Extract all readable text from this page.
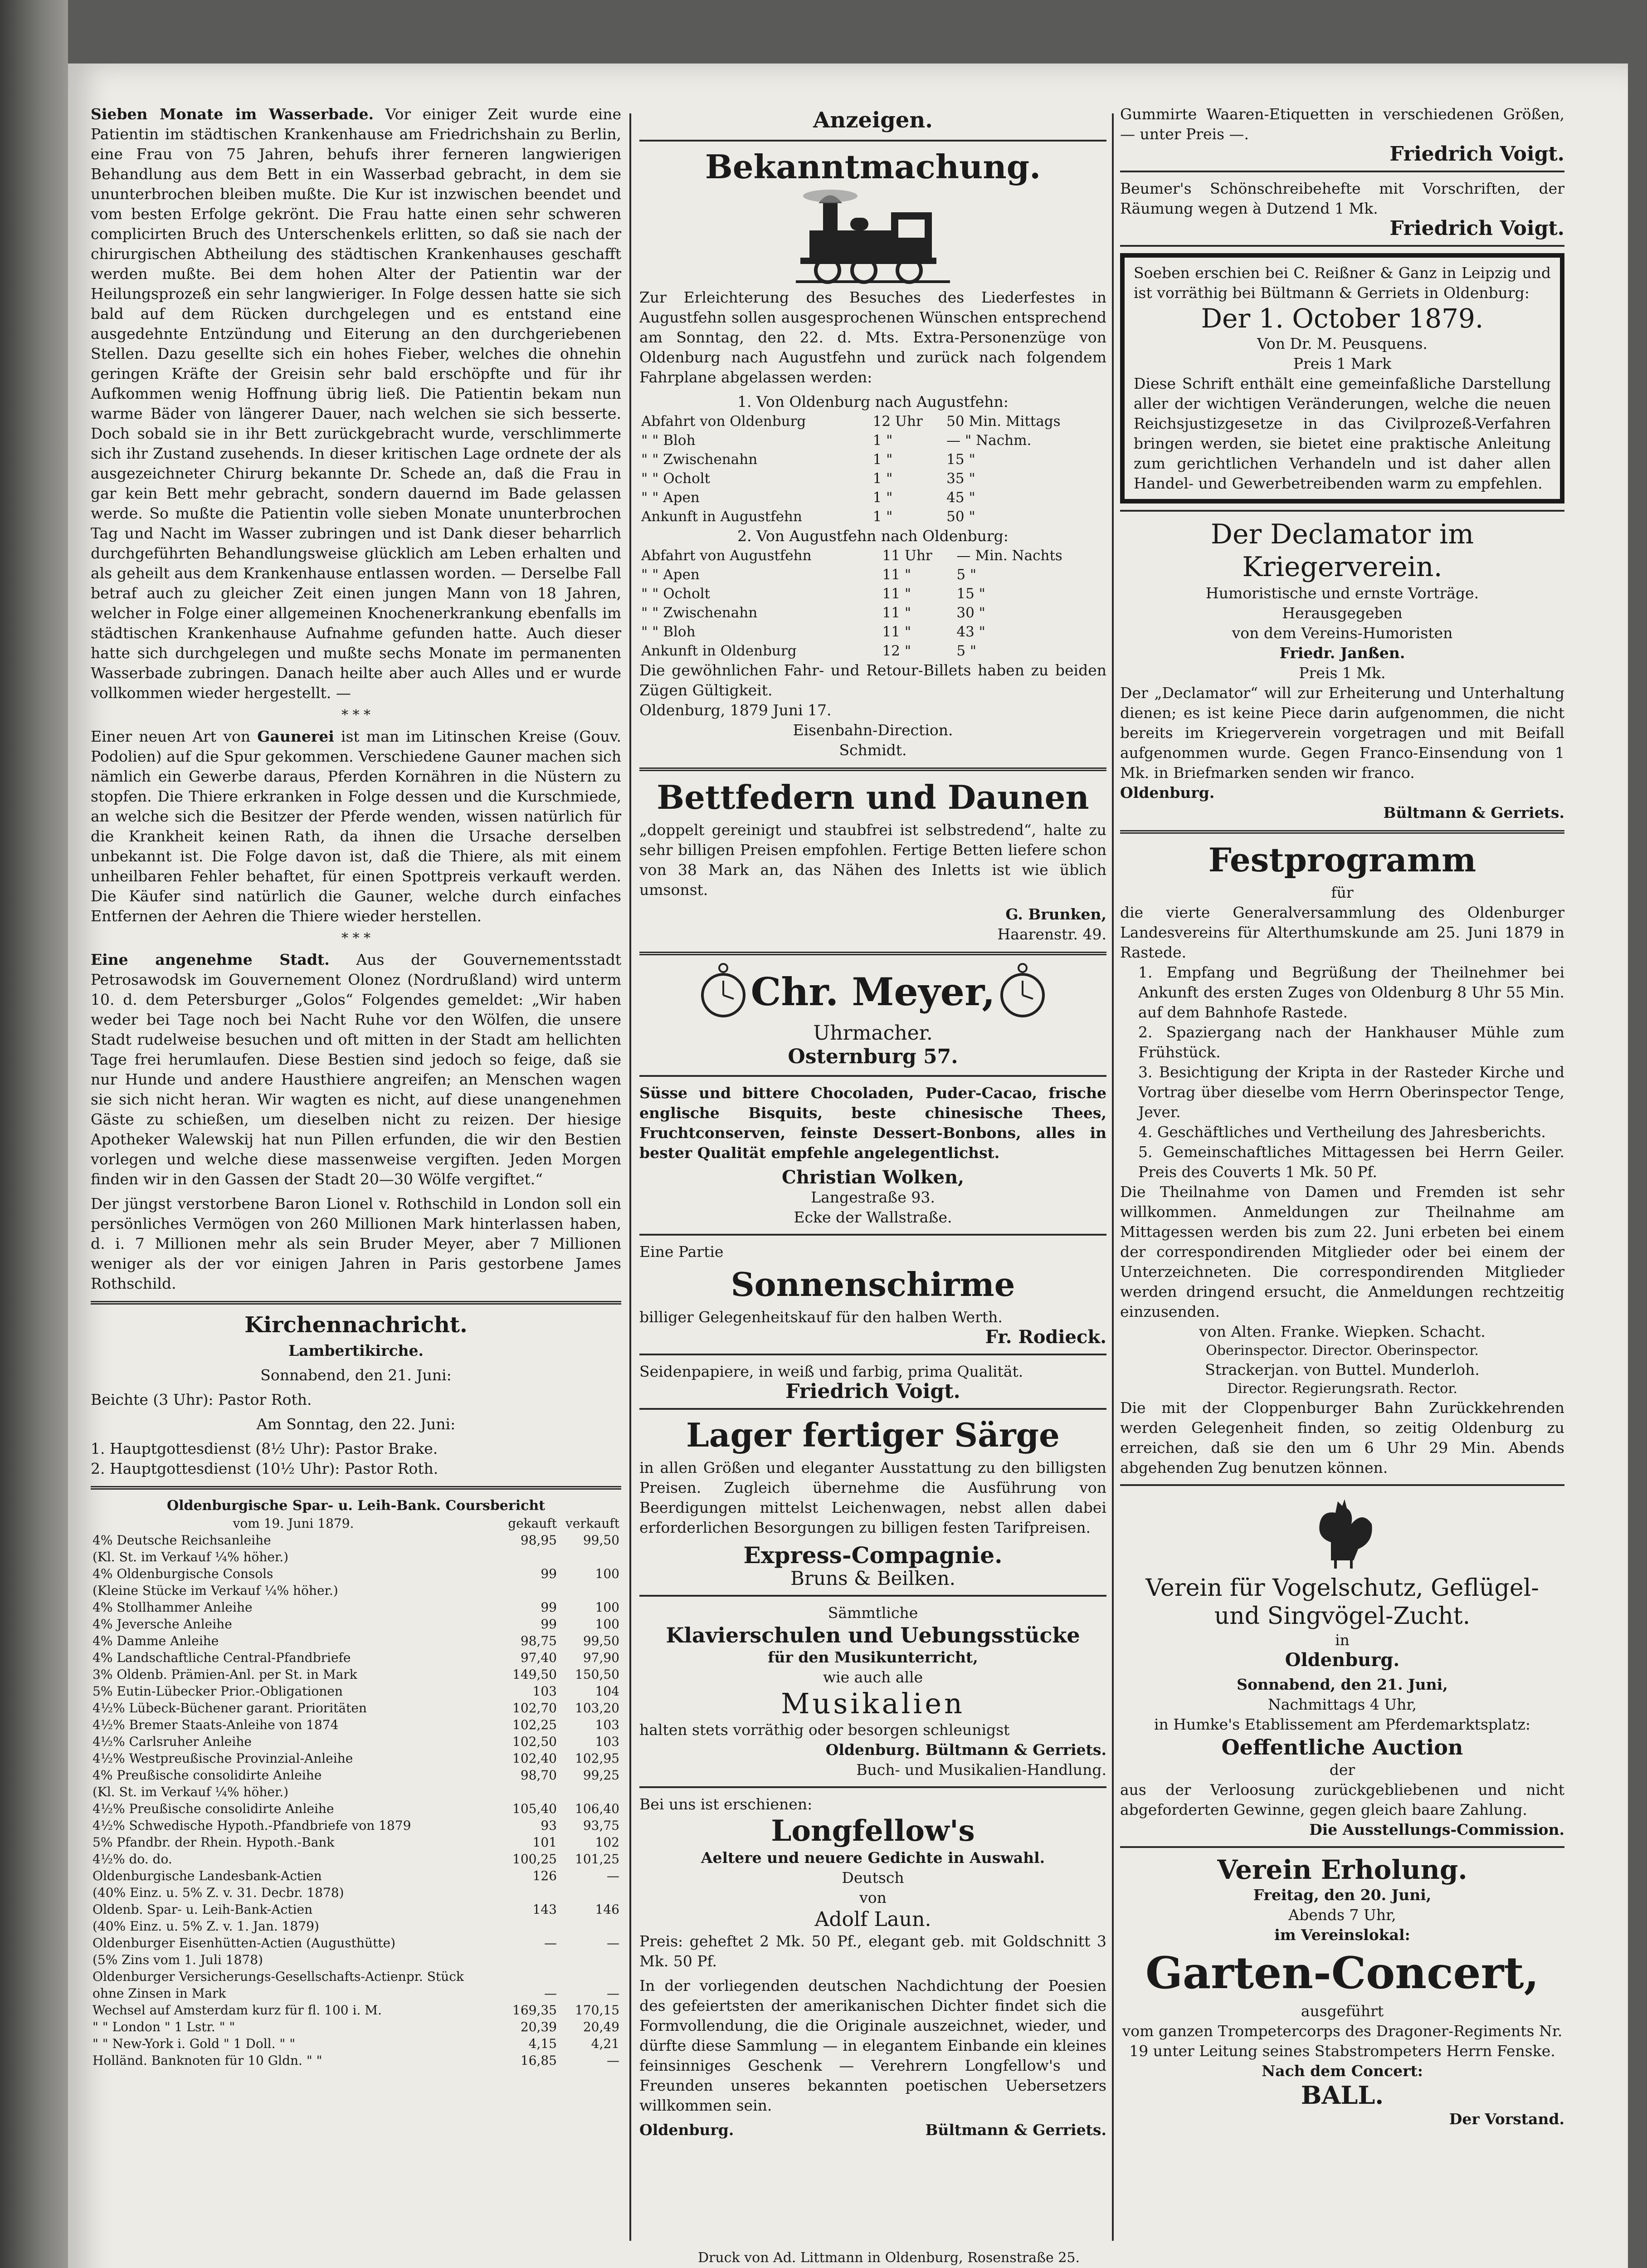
Sieben Monate im Wasserbade. Vor einiger Zeit wurde eine Patientin im städtischen Krankenhause am Friedrichshain zu Berlin, eine Frau von 75 Jahren, behufs ihrer ferneren langwierigen Behandlung aus dem Bett in ein Wasserbad gebracht, in dem sie ununterbrochen bleiben mußte. Die Kur ist inzwischen beendet und vom besten Erfolge gekrönt. Die Frau hatte einen sehr schweren complicirten Bruch des Unterschenkels erlitten, so daß sie nach der chirurgischen Abtheilung des städtischen Krankenhauses geschafft werden mußte. Bei dem hohen Alter der Patientin war der Heilungsprozeß ein sehr langwieriger. In Folge dessen hatte sie sich bald auf dem Rücken durchgelegen und es entstand eine ausgedehnte Entzündung und Eiterung an den durchgeriebenen Stellen. Dazu gesellte sich ein hohes Fieber, welches die ohnehin geringen Kräfte der Greisin sehr bald erschöpfte und für ihr Aufkommen wenig Hoffnung übrig ließ. Die Patientin bekam nun warme Bäder von längerer Dauer, nach welchen sie sich besserte. Doch sobald sie in ihr Bett zurückgebracht wurde, verschlimmerte sich ihr Zustand zusehends. In dieser kritischen Lage ordnete der als ausgezeichneter Chirurg bekannte Dr. Schede an, daß die Frau in gar kein Bett mehr gebracht, sondern dauernd im Bade gelassen werde. So mußte die Patientin volle sieben Monate ununterbrochen Tag und Nacht im Wasser zubringen und ist Dank dieser beharrlich durchgeführten Behandlungsweise glücklich am Leben erhalten und als geheilt aus dem Krankenhause entlassen worden. — Derselbe Fall betraf auch zu gleicher Zeit einen jungen Mann von 18 Jahren, welcher in Folge einer allgemeinen Knochenerkrankung ebenfalls im städtischen Krankenhause Aufnahme gefunden hatte. Auch dieser hatte sich durchgelegen und mußte sechs Monate im permanenten Wasserbade zubringen. Danach heilte aber auch Alles und er wurde vollkommen wieder hergestellt. —

* * *

Einer neuen Art von Gaunerei ist man im Litinschen Kreise (Gouv. Podolien) auf die Spur gekommen. Verschiedene Gauner machen sich nämlich ein Gewerbe daraus, Pferden Kornähren in die Nüstern zu stopfen. Die Thiere erkranken in Folge dessen und die Kurschmiede, an welche sich die Besitzer der Pferde wenden, wissen natürlich für die Krankheit keinen Rath, da ihnen die Ursache derselben unbekannt ist. Die Folge davon ist, daß die Thiere, als mit einem unheilbaren Fehler behaftet, für einen Spottpreis verkauft werden. Die Käufer sind natürlich die Gauner, welche durch einfaches Entfernen der Aehren die Thiere wieder herstellen.

* * *

Eine angenehme Stadt. Aus der Gouvernementsstadt Petrosawodsk im Gouvernement Olonez (Nordrußland) wird unterm 10. d. dem Petersburger „Golos“ Folgendes gemeldet: „Wir haben weder bei Tage noch bei Nacht Ruhe vor den Wölfen, die unsere Stadt rudelweise besuchen und oft mitten in der Stadt am hellichten Tage frei herumlaufen. Diese Bestien sind jedoch so feige, daß sie nur Hunde und andere Hausthiere angreifen; an Menschen wagen sie sich nicht heran. Wir wagten es nicht, auf diese unangenehmen Gäste zu schießen, um dieselben nicht zu reizen. Der hiesige Apotheker Walewskij hat nun Pillen erfunden, die wir den Bestien vorlegen und welche diese massenweise vergiften. Jeden Morgen finden wir in den Gassen der Stadt 20—30 Wölfe vergiftet.“

Der jüngst verstorbene Baron Lionel v. Rothschild in London soll ein persönliches Vermögen von 260 Millionen Mark hinterlassen haben, d. i. 7 Millionen mehr als sein Bruder Meyer, aber 7 Millionen weniger als der vor einigen Jahren in Paris gestorbene James Rothschild.

Kirchennachricht.

Lambertikirche.

Sonnabend, den 21. Juni:

Beichte (3 Uhr): Pastor Roth.

Am Sonntag, den 22. Juni:

1. Hauptgottesdienst (8½ Uhr): Pastor Brake.

2. Hauptgottesdienst (10½ Uhr): Pastor Roth.

Oldenburgische Spar- u. Leih-Bank. Coursbericht

vom 19. Juni 1879.	gekauft	verkauft
4% Deutsche Reichsanleihe	98,95	99,50
(Kl. St. im Verkauf ¼% höher.)		
4% Oldenburgische Consols	99	100
(Kleine Stücke im Verkauf ¼% höher.)		
4% Stollhammer Anleihe	99	100
4% Jeversche Anleihe	99	100
4% Damme Anleihe	98,75	99,50
4% Landschaftliche Central-Pfandbriefe	97,40	97,90
3% Oldenb. Prämien-Anl. per St. in Mark	149,50	150,50
5% Eutin-Lübecker Prior.-Obligationen	103	104
4½% Lübeck-Büchener garant. Prioritäten	102,70	103,20
4½% Bremer Staats-Anleihe von 1874	102,25	103
4½% Carlsruher Anleihe	102,50	103
4½% Westpreußische Provinzial-Anleihe	102,40	102,95
4% Preußische consolidirte Anleihe	98,70	99,25
(Kl. St. im Verkauf ¼% höher.)		
4½% Preußische consolidirte Anleihe	105,40	106,40
4½% Schwedische Hypoth.-Pfandbriefe von 1879	93	93,75
5% Pfandbr. der Rhein. Hypoth.-Bank	101	102
4½% do. do.	100,25	101,25
Oldenburgische Landesbank-Actien	126	—
(40% Einz. u. 5% Z. v. 31. Decbr. 1878)		
Oldenb. Spar- u. Leih-Bank-Actien	143	146
(40% Einz. u. 5% Z. v. 1. Jan. 1879)		
Oldenburger Eisenhütten-Actien (Augusthütte)	—	—
(5% Zins vom 1. Juli 1878)		
Oldenburger Versicherungs-Gesellschafts-Actienpr. Stück		
ohne Zinsen in Mark	—	—
Wechsel auf Amsterdam kurz für fl. 100 i. M.	169,35	170,15
" " London " 1 Lstr. " "	20,39	20,49
" " New-York i. Gold " 1 Doll. " "	4,15	4,21
Holländ. Banknoten für 10 Gldn. " "	16,85	—
Anzeigen.
Bekanntmachung.

Zur Erleichterung des Besuches des Liederfestes in Augustfehn sollen ausgesprochenen Wünschen entsprechend am Sonntag, den 22. d. Mts. Extra-Personenzüge von Oldenburg nach Augustfehn und zurück nach folgendem Fahrplane abgelassen werden:

1. Von Oldenburg nach Augustfehn:

Abfahrt von Oldenburg	12 Uhr	50 Min. Mittags
" " Bloh	1 "	— " Nachm.
" " Zwischenahn	1 "	15 "
" " Ocholt	1 "	35 "
" " Apen	1 "	45 "
Ankunft in Augustfehn	1 "	50 "

2. Von Augustfehn nach Oldenburg:

Abfahrt von Augustfehn	11 Uhr	— Min. Nachts
" " Apen	11 "	5 "
" " Ocholt	11 "	15 "
" " Zwischenahn	11 "	30 "
" " Bloh	11 "	43 "
Ankunft in Oldenburg	12 "	5 "

Die gewöhnlichen Fahr- und Retour-Billets haben zu beiden Zügen Gültigkeit.

Oldenburg, 1879 Juni 17.

Eisenbahn-Direction.

Schmidt.

Bettfedern und Daunen

„doppelt gereinigt und staubfrei ist selbstredend“, halte zu sehr billigen Preisen empfohlen. Fertige Betten liefere schon von 38 Mark an, das Nähen des Inletts ist wie üblich umsonst.

G. Brunken,

Haarenstr. 49.

Chr. Meyer,

Uhrmacher.

Osternburg 57.

Süsse und bittere Chocoladen, Puder-Cacao, frische englische Bisquits, beste chinesische Thees, Fruchtconserven, feinste Dessert-Bonbons, alles in bester Qualität empfehle angelegentlichst.

Christian Wolken,

Langestraße 93.

Ecke der Wallstraße.

Eine Partie

Sonnenschirme

billiger Gelegenheitskauf für den halben Werth.

Fr. Rodieck.

Seidenpapiere, in weiß und farbig, prima Qualität.

Friedrich Voigt.

Lager fertiger Särge

in allen Größen und eleganter Ausstattung zu den billigsten Preisen. Zugleich übernehme die Ausführung von Beerdigungen mittelst Leichenwagen, nebst allen dabei erforderlichen Besorgungen zu billigen festen Tarifpreisen.

Express-Compagnie.

Bruns & Beilken.

Sämmtliche

Klavierschulen und Uebungsstücke

für den Musikunterricht,

wie auch alle

Musikalien

halten stets vorräthig oder besorgen schleunigst

Oldenburg. Bültmann & Gerriets.

Buch- und Musikalien-Handlung.

Bei uns ist erschienen:

Longfellow's

Aeltere und neuere Gedichte in Auswahl.

Deutsch

von

Adolf Laun.

Preis: geheftet 2 Mk. 50 Pf., elegant geb. mit Goldschnitt 3 Mk. 50 Pf.

In der vorliegenden deutschen Nachdichtung der Poesien des gefeiertsten der amerikanischen Dichter findet sich die Formvollendung, die die Originale auszeichnet, wieder, und dürfte diese Sammlung — in elegantem Einbande ein kleines feinsinniges Geschenk — Verehrern Longfellow's und Freunden unseres bekannten poetischen Uebersetzers willkommen sein.

Oldenburg.	Bültmann & Gerriets.

Gummirte Waaren-Etiquetten in verschiedenen Größen, — unter Preis —.

Friedrich Voigt.

Beumer's Schönschreibehefte mit Vorschriften, der Räumung wegen à Dutzend 1 Mk.

Friedrich Voigt.

Soeben erschien bei C. Reißner & Ganz in Leipzig und ist vorräthig bei Bültmann & Gerriets in Oldenburg:

Der 1. October 1879.

Von Dr. M. Peusquens.

Preis 1 Mark

Diese Schrift enthält eine gemeinfaßliche Darstellung aller der wichtigen Veränderungen, welche die neuen Reichsjustizgesetze in das Civilprozeß-Verfahren bringen werden, sie bietet eine praktische Anleitung zum gerichtlichen Verhandeln und ist daher allen Handel- und Gewerbetreibenden warm zu empfehlen.

Der Declamator im Kriegerverein.

Humoristische und ernste Vorträge.

Herausgegeben

von dem Vereins-Humoristen

Friedr. Janßen.

Preis 1 Mk.

Der „Declamator“ will zur Erheiterung und Unterhaltung dienen; es ist keine Piece darin aufgenommen, die nicht bereits im Kriegerverein vorgetragen und mit Beifall aufgenommen wurde. Gegen Franco-Einsendung von 1 Mk. in Briefmarken senden wir franco.

Oldenburg.

Bültmann & Gerriets.

Festprogramm

für

die vierte Generalversammlung des Oldenburger Landesvereins für Alterthumskunde am 25. Juni 1879 in Rastede.

1. Empfang und Begrüßung der Theilnehmer bei Ankunft des ersten Zuges von Oldenburg 8 Uhr 55 Min. auf dem Bahnhofe Rastede.

2. Spaziergang nach der Hankhauser Mühle zum Frühstück.

3. Besichtigung der Kripta in der Rasteder Kirche und Vortrag über dieselbe vom Herrn Oberinspector Tenge, Jever.

4. Geschäftliches und Vertheilung des Jahresberichts.

5. Gemeinschaftliches Mittagessen bei Herrn Geiler. Preis des Couverts 1 Mk. 50 Pf.

Die Theilnahme von Damen und Fremden ist sehr willkommen. Anmeldungen zur Theilnahme am Mittagessen werden bis zum 22. Juni erbeten bei einem der correspondirenden Mitglieder oder bei einem der Unterzeichneten. Die correspondirenden Mitglieder werden dringend ersucht, die Anmeldungen rechtzeitig einzusenden.

von Alten. Franke. Wiepken. Schacht.

Oberinspector. Director. Oberinspector.

Strackerjan. von Buttel. Munderloh.

Director. Regierungsrath. Rector.

Die mit der Cloppenburger Bahn Zurückkehrenden werden Gelegenheit finden, so zeitig Oldenburg zu erreichen, daß sie den um 6 Uhr 29 Min. Abends abgehenden Zug benutzen können.

Verein für Vogelschutz, Geflügel- und Singvögel-Zucht.

in

Oldenburg.

Sonnabend, den 21. Juni,

Nachmittags 4 Uhr,

in Humke's Etablissement am Pferdemarktsplatz:

Oeffentliche Auction

der

aus der Verloosung zurückgebliebenen und nicht abgeforderten Gewinne, gegen gleich baare Zahlung.

Die Ausstellungs-Commission.

Verein Erholung.

Freitag, den 20. Juni,

Abends 7 Uhr,

im Vereinslokal:

Garten-Concert,

ausgeführt

vom ganzen Trompetercorps des Dragoner-Regiments Nr. 19 unter Leitung seines Stabstrompeters Herrn Fenske.

Nach dem Concert:

BALL.

Der Vorstand.

Druck von Ad. Littmann in Oldenburg, Rosenstraße 25.
